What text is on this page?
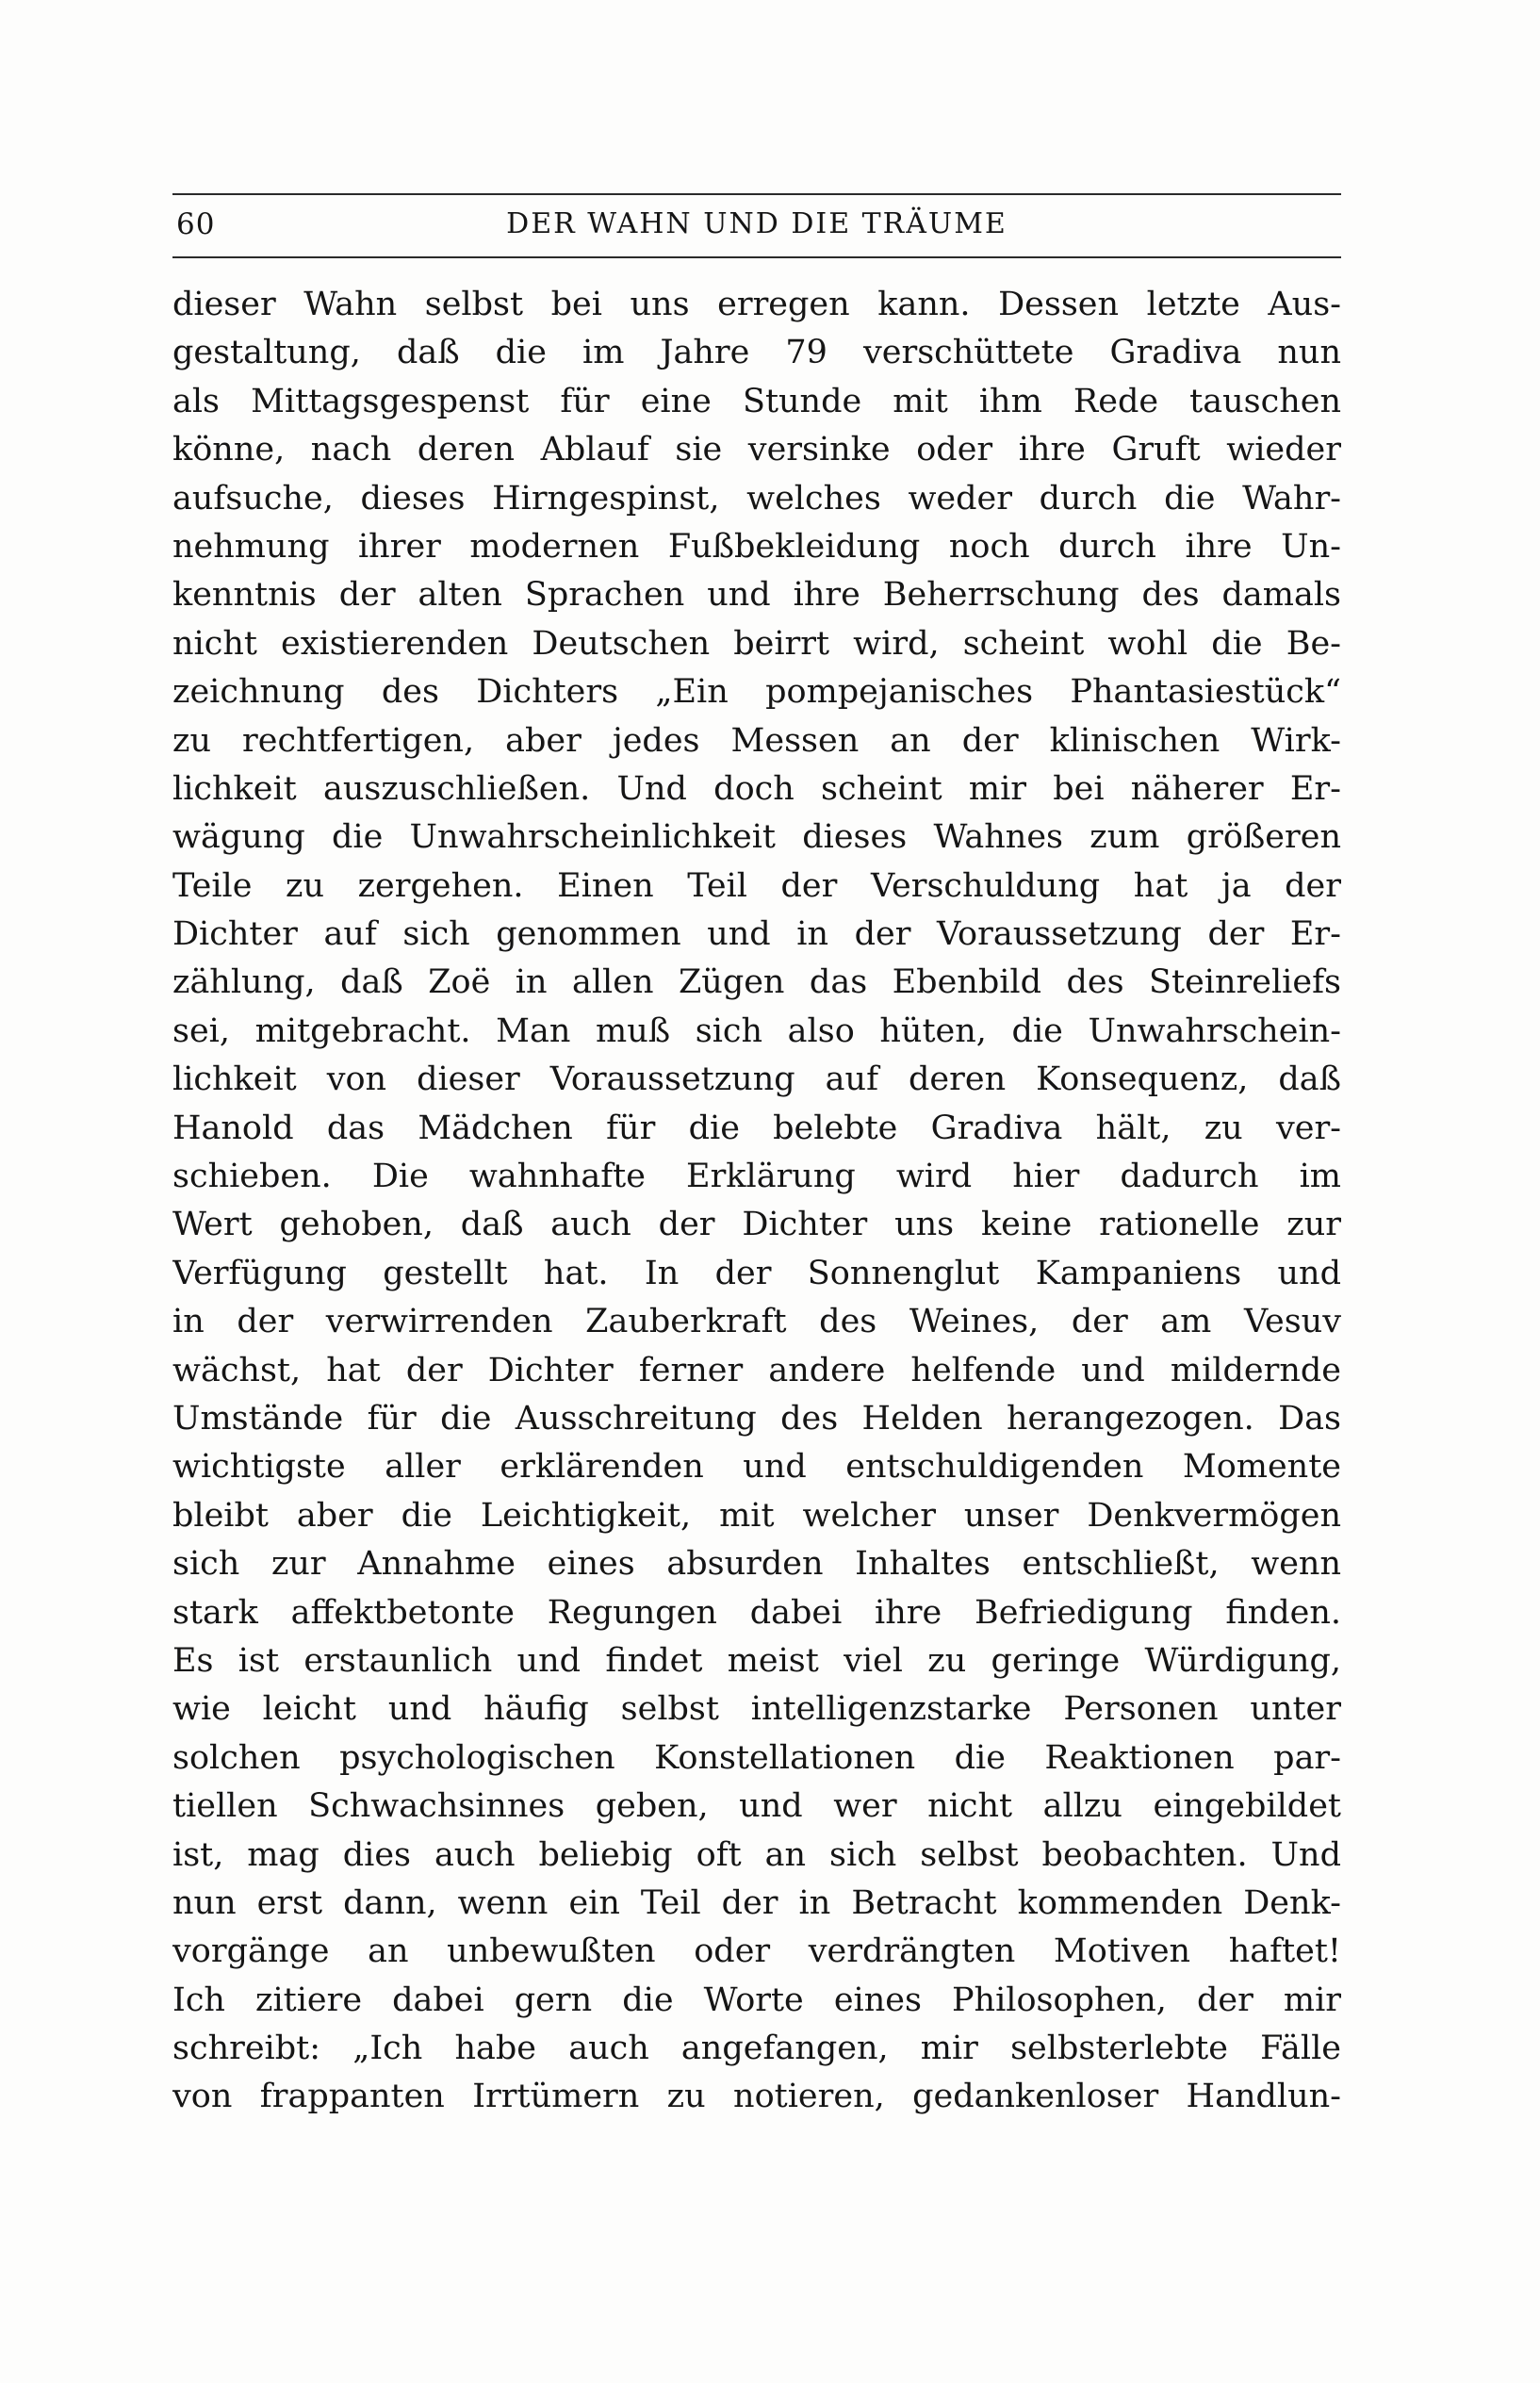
60	DER WAHN UND DIE TRÄUME
dieser Wahn selbst bei uns erregen kann. Dessen letzte Aus-
gestaltung, daß die im Jahre 79 verschüttete Gradiva nun
als Mittagsgespenst für eine Stunde mit ihm Rede tauschen
könne, nach deren Ablauf sie versinke oder ihre Gruft wieder
aufsuche, dieses Hirngespinst, welches weder durch die Wahr-
nehmung ihrer modernen Fußbekleidung noch durch ihre Un-
kenntnis der alten Sprachen und ihre Beherrschung des damals
nicht existierenden Deutschen beirrt wird, scheint wohl die Be-
zeichnung des Dichters „Ein pompejanisches Phantasiestück“
zu rechtfertigen, aber jedes Messen an der klinischen Wirk-
lichkeit auszuschließen. Und doch scheint mir bei näherer Er-
wägung die Unwahrscheinlichkeit dieses Wahnes zum größeren
Teile zu zergehen. Einen Teil der Verschuldung hat ja der
Dichter auf sich genommen und in der Voraussetzung der Er-
zählung, daß Zoë in allen Zügen das Ebenbild des Steinreliefs
sei, mitgebracht. Man muß sich also hüten, die Unwahrschein-
lichkeit von dieser Voraussetzung auf deren Konsequenz, daß
Hanold das Mädchen für die belebte Gradiva hält, zu ver-
schieben. Die wahnhafte Erklärung wird hier dadurch im
Wert gehoben, daß auch der Dichter uns keine rationelle zur
Verfügung gestellt hat. In der Sonnenglut Kampaniens und
in der verwirrenden Zauberkraft des Weines, der am Vesuv
wächst, hat der Dichter ferner andere helfende und mildernde
Umstände für die Ausschreitung des Helden herangezogen. Das
wichtigste aller erklärenden und entschuldigenden Momente
bleibt aber die Leichtigkeit, mit welcher unser Denkvermögen
sich zur Annahme eines absurden Inhaltes entschließt, wenn
stark affektbetonte Regungen dabei ihre Befriedigung finden.
Es ist erstaunlich und findet meist viel zu geringe Würdigung,
wie leicht und häufig selbst intelligenzstarke Personen unter
solchen psychologischen Konstellationen die Reaktionen par-
tiellen Schwachsinnes geben, und wer nicht allzu eingebildet
ist, mag dies auch beliebig oft an sich selbst beobachten. Und
nun erst dann, wenn ein Teil der in Betracht kommenden Denk-
vorgänge an unbewußten oder verdrängten Motiven haftet!
Ich zitiere dabei gern die Worte eines Philosophen, der mir
schreibt: „Ich habe auch angefangen, mir selbsterlebte Fälle
von frappanten Irrtümern zu notieren, gedankenloser Handlun-
